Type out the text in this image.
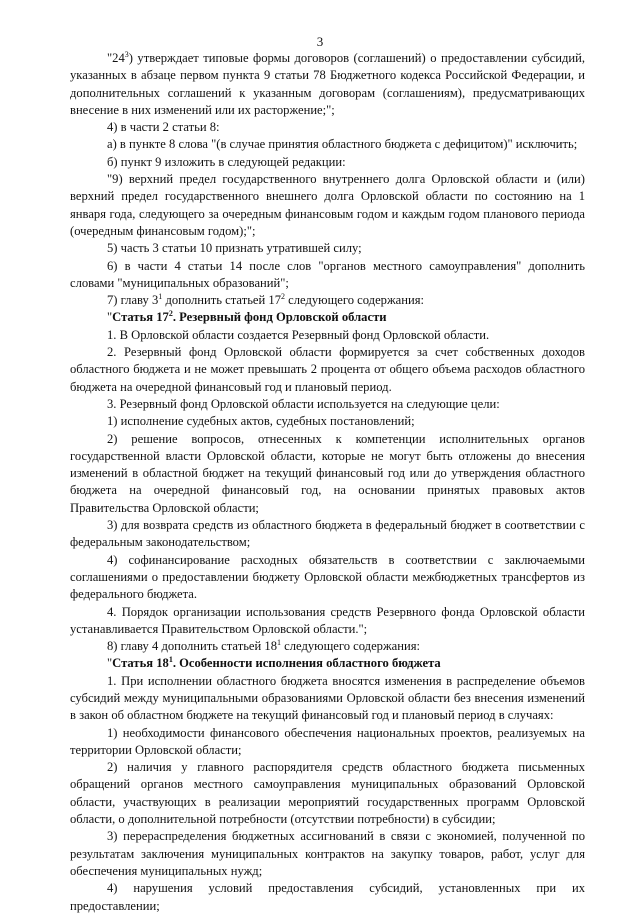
3

"$24^3$) утверждает типовые формы договоров (соглашений) о предоставлении субсидий, указанных в абзаце первом пункта 9 статьи 78 Бюджетного кодекса Российской Федерации, и дополнительных соглашений к указанным договорам (соглашениям), предусматривающих внесение в них изменений или их расторжение;";

4) в части 2 статьи 8:

а) в пункте 8 слова "(в случае принятия областного бюджета с дефицитом)" исключить;

б) пункт 9 изложить в следующей редакции:

"9) верхний предел государственного внутреннего долга Орловской области и (или) верхний предел государственного внешнего долга Орловской области по состоянию на 1 января года, следующего за очередным финансовым годом и каждым годом планового периода (очередным финансовым годом);";

5) часть 3 статьи 10 признать утратившей силу;

6) в части 4 статьи 14 после слов "органов местного самоуправления" дополнить словами "муниципальных образований";

7) главу $3^1$ дополнить статьей $17^2$ следующего содержания:

"Статья $17^2$. Резервный фонд Орловской области

1. В Орловской области создается Резервный фонд Орловской области.

2. Резервный фонд Орловской области формируется за счет собственных доходов областного бюджета и не может превышать 2 процента от общего объема расходов областного бюджета на очередной финансовый год и плановый период.

3. Резервный фонд Орловской области используется на следующие цели:

1) исполнение судебных актов, судебных постановлений;

2) решение вопросов, отнесенных к компетенции исполнительных органов государственной власти Орловской области, которые не могут быть отложены до внесения изменений в областной бюджет на текущий финансовый год или до утверждения областного бюджета на очередной финансовый год, на основании принятых правовых актов Правительства Орловской области;

3) для возврата средств из областного бюджета в федеральный бюджет в соответствии с федеральным законодательством;

4) софинансирование расходных обязательств в соответствии с заключаемыми соглашениями о предоставлении бюджету Орловской области межбюджетных трансфертов из федерального бюджета.

4. Порядок организации использования средств Резервного фонда Орловской области устанавливается Правительством Орловской области.";

8) главу 4 дополнить статьей $18^1$ следующего содержания:

"Статья $18^1$. Особенности исполнения областного бюджета

1. При исполнении областного бюджета вносятся изменения в распределение объемов субсидий между муниципальными образованиями Орловской области без внесения изменений в закон об областном бюджете на текущий финансовый год и плановый период в случаях:

1) необходимости финансового обеспечения национальных проектов, реализуемых на территории Орловской области;

2) наличия у главного распорядителя средств областного бюджета письменных обращений органов местного самоуправления муниципальных образований Орловской области, участвующих в реализации мероприятий государственных программ Орловской области, о дополнительной потребности (отсутствии потребности) в субсидии;

3) перераспределения бюджетных ассигнований в связи с экономией, полученной по результатам заключения муниципальных контрактов на закупку товаров, работ, услуг для обеспечения муниципальных нужд;

4) нарушения условий предоставления субсидий, установленных при их предоставлении;
